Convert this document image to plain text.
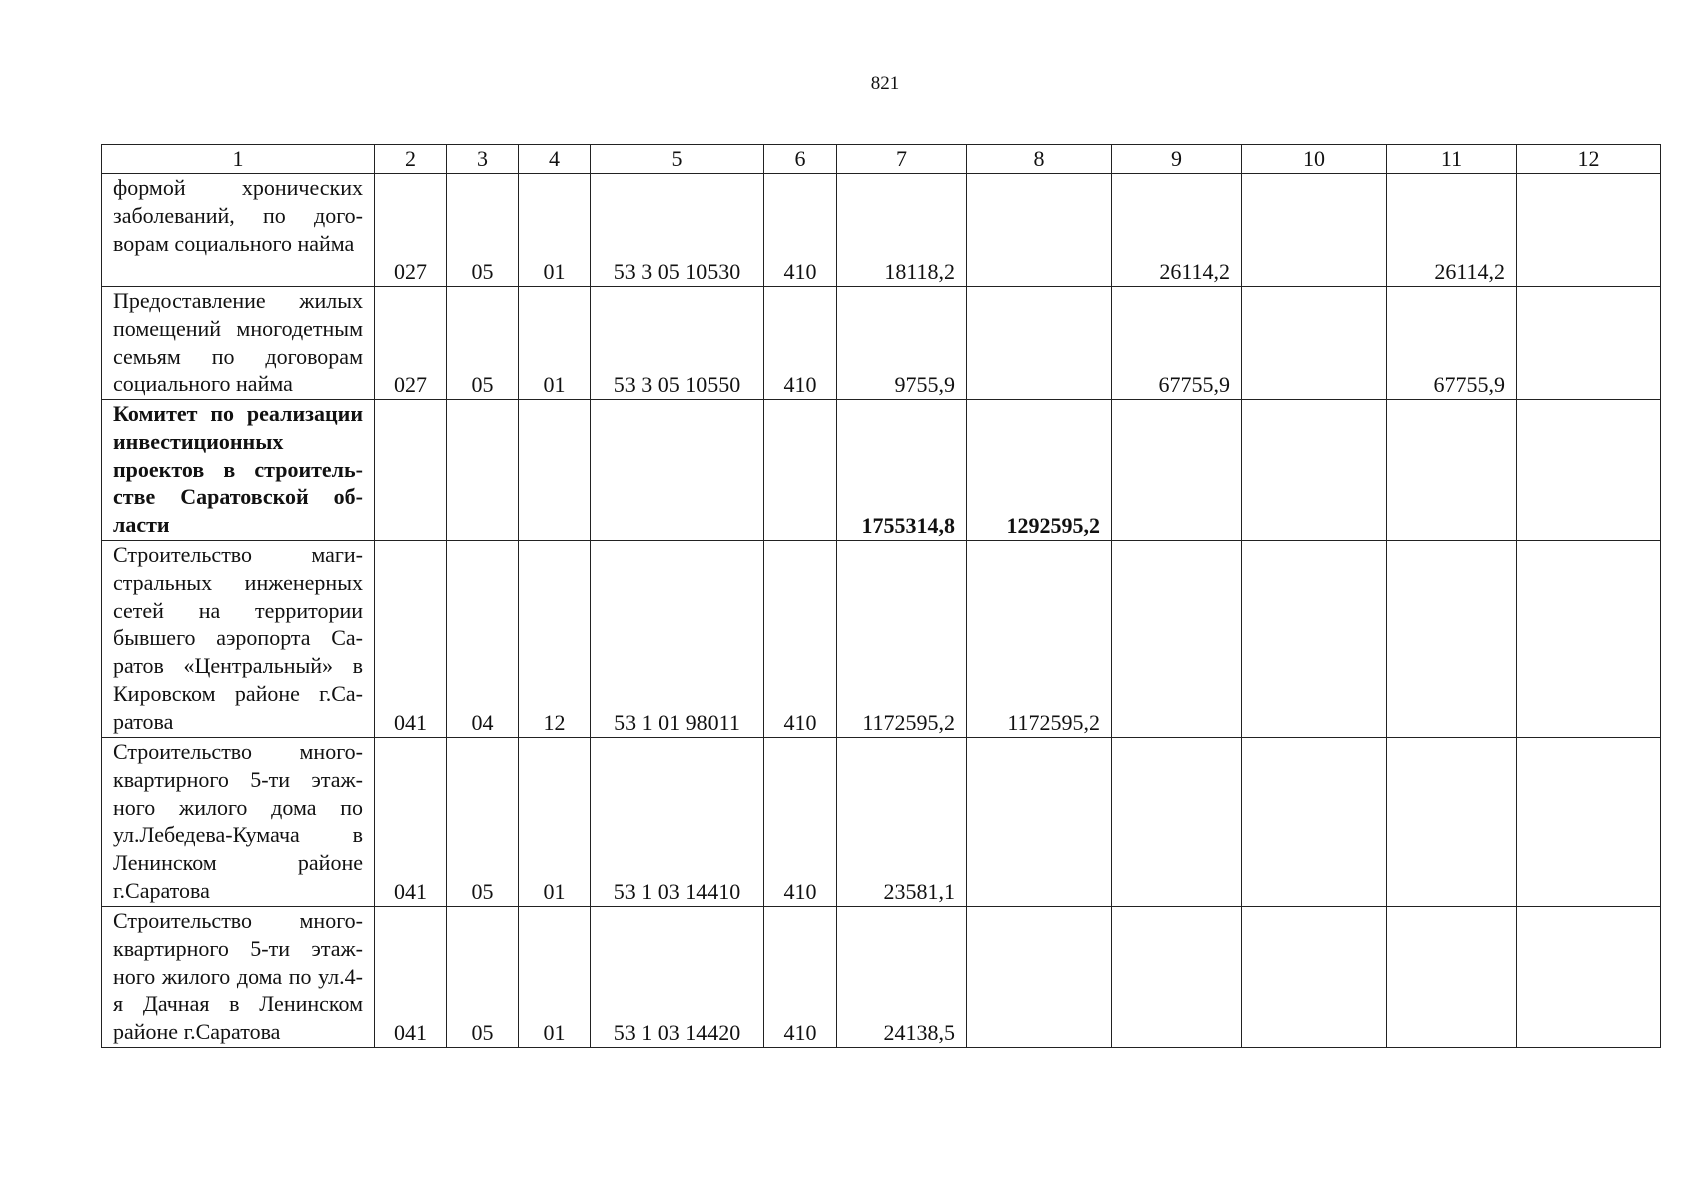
821
1	2	3	4	5	6	7	8	9	10	11	12
формой хронических заболеваний, по договорам социального найма	027	05	01	53 3 05 10530	410	18118,2		26114,2		26114,2	
Предоставление жилых помещений многодетным семьям по договорам социального найма	027	05	01	53 3 05 10550	410	9755,9		67755,9		67755,9	
Комитет по реализации инвестиционных проектов в строительстве Саратовской области						1755314,8	1292595,2				
Строительство магистральных инженерных сетей на территории бывшего аэропорта Саратов «Центральный» в Кировском районе г.Саратова	041	04	12	53 1 01 98011	410	1172595,2	1172595,2				
Строительство многоквартирного 5-ти этажного жилого дома по ул.Лебедева-Кумача в Ленинском районе г.Саратова	041	05	01	53 1 03 14410	410	23581,1					
Строительство многоквартирного 5-ти этажного жилого дома по ул.4-я Дачная в Ленинском районе г.Саратова	041	05	01	53 1 03 14420	410	24138,5					
